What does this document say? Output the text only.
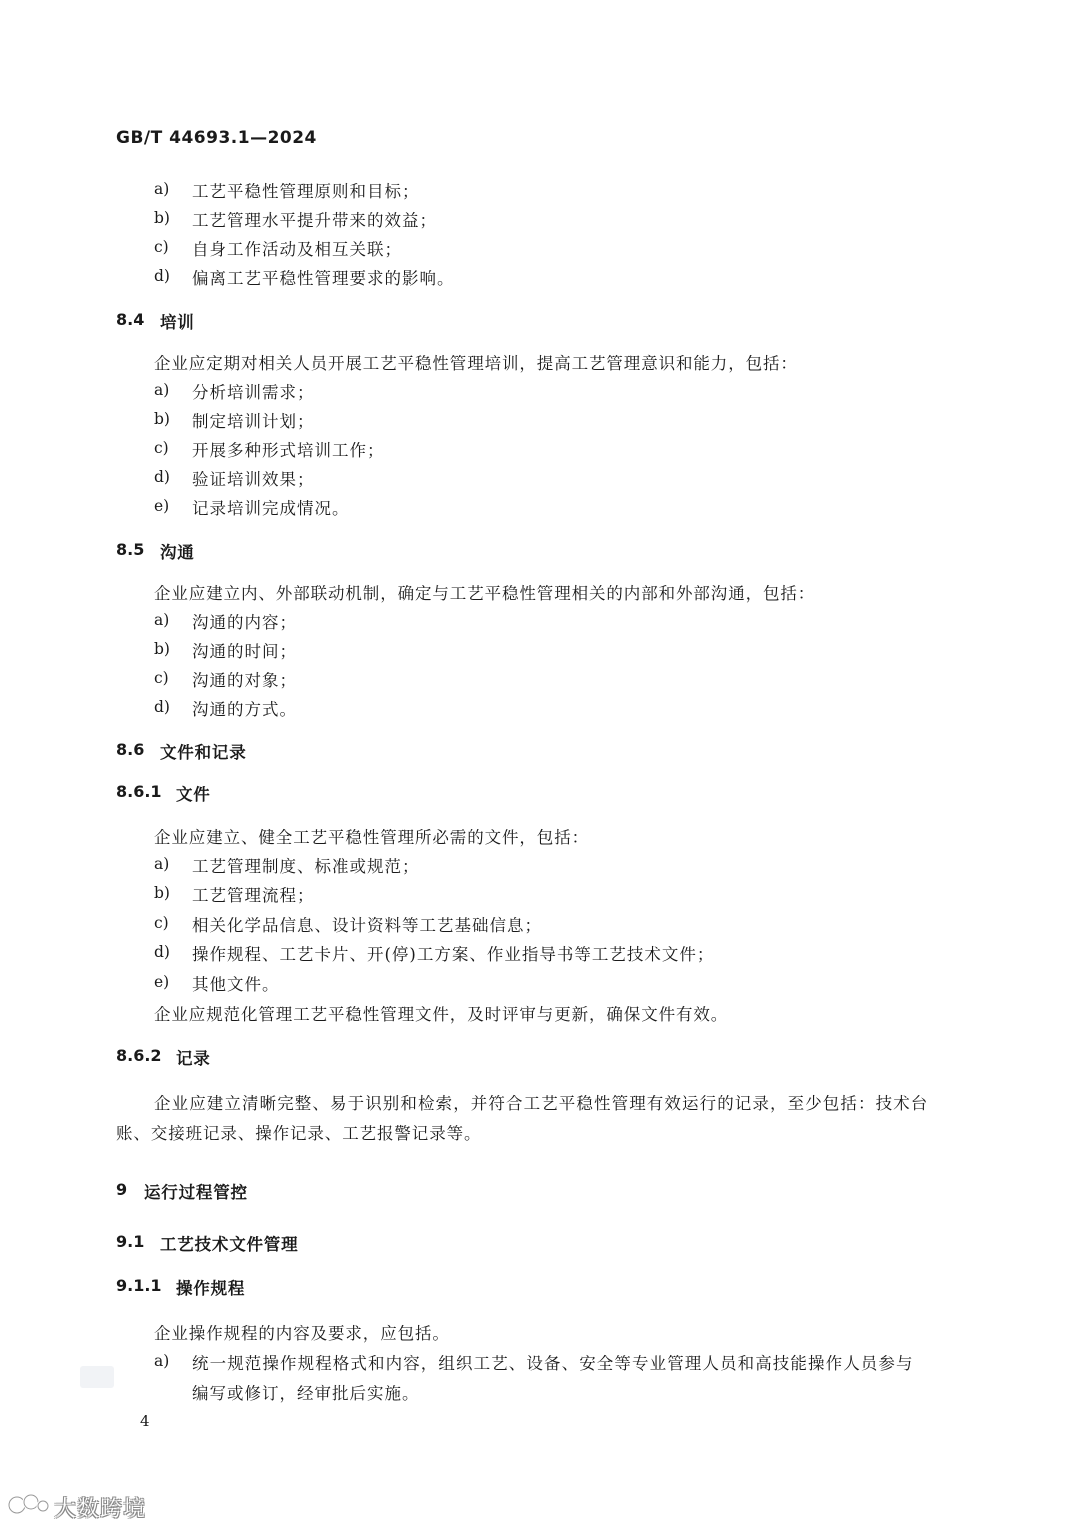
GB/T 44693.1—2024
a) 工艺平稳性管理原则和目标；
b) 工艺管理水平提升带来的效益；
c) 自身工作活动及相互关联；
d) 偏离工艺平稳性管理要求的影响。
8.4 培训
企业应定期对相关人员开展工艺平稳性管理培训，提高工艺管理意识和能力，包括：
a) 分析培训需求；
b) 制定培训计划；
c) 开展多种形式培训工作；
d) 验证培训效果；
e) 记录培训完成情况。
8.5 沟通
企业应建立内、外部联动机制，确定与工艺平稳性管理相关的内部和外部沟通，包括：
a) 沟通的内容；
b) 沟通的时间；
c) 沟通的对象；
d) 沟通的方式。
8.6 文件和记录
8.6.1 文件
企业应建立、健全工艺平稳性管理所必需的文件，包括：
a) 工艺管理制度、标准或规范；
b) 工艺管理流程；
c) 相关化学品信息、设计资料等工艺基础信息；
d) 操作规程、工艺卡片、开(停)工方案、作业指导书等工艺技术文件；
e) 其他文件。
企业应规范化管理工艺平稳性管理文件，及时评审与更新，确保文件有效。
8.6.2 记录
企业应建立清晰完整、易于识别和检索，并符合工艺平稳性管理有效运行的记录，至少包括：技术台
账、交接班记录、操作记录、工艺报警记录等。
9 运行过程管控
9.1 工艺技术文件管理
9.1.1 操作规程
企业操作规程的内容及要求，应包括。
a) 统一规范操作规程格式和内容，组织工艺、设备、安全等专业管理人员和高技能操作人员参与
编写或修订，经审批后实施。
4
大数跨境
